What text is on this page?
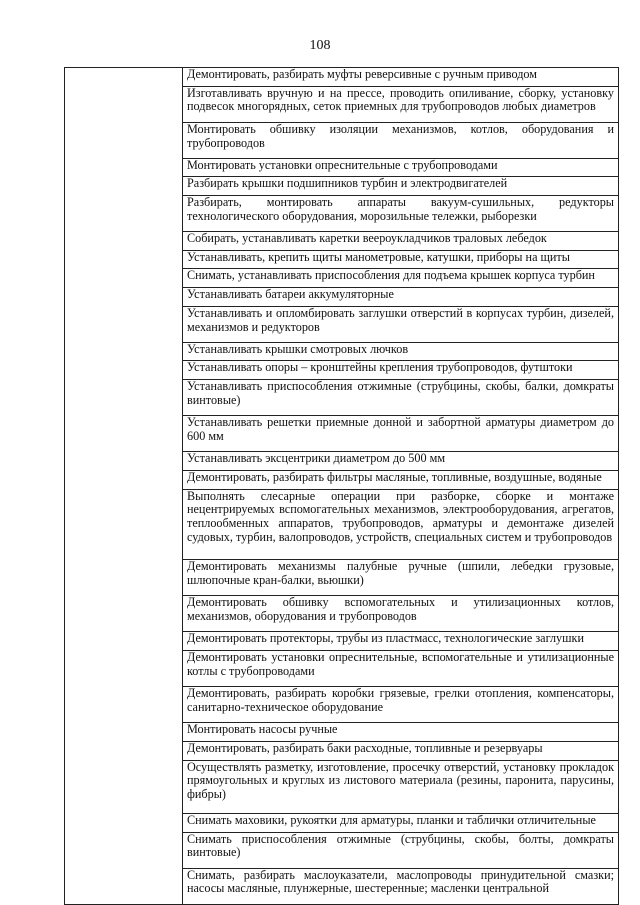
108
	Демонтировать, разбирать муфты реверсивные с ручным приводом
Изготавливать вручную и на прессе, проводить опиливание, сборку, установку подвесок многорядных, сеток приемных для трубопроводов любых диаметров
Монтировать обшивку изоляции механизмов, котлов, оборудования и трубопроводов
Монтировать установки опреснительные с трубопроводами
Разбирать крышки подшипников турбин и электродвигателей
Разбирать, монтировать аппараты вакуум-сушильных, редукторы технологического оборудования, морозильные тележки, рыборезки
Собирать, устанавливать каретки веероукладчиков траловых лебедок
Устанавливать, крепить щиты манометровые, катушки, приборы на щиты
Снимать, устанавливать приспособления для подъема крышек корпуса турбин
Устанавливать батареи аккумуляторные
Устанавливать и опломбировать заглушки отверстий в корпусах турбин, дизелей, механизмов и редукторов
Устанавливать крышки смотровых лючков
Устанавливать опоры – кронштейны крепления трубопроводов, футштоки
Устанавливать приспособления отжимные (струбцины, скобы, балки, домкраты винтовые)
Устанавливать решетки приемные донной и забортной арматуры диаметром до 600 мм
Устанавливать эксцентрики диаметром до 500 мм
Демонтировать, разбирать фильтры масляные, топливные, воздушные, водяные
Выполнять слесарные операции при разборке, сборке и монтаже нецентрируемых вспомогательных механизмов, электрооборудования, агрегатов, теплообменных аппаратов, трубопроводов, арматуры и демонтаже дизелей судовых, турбин, валопроводов, устройств, специальных систем и трубопроводов
Демонтировать механизмы палубные ручные (шпили, лебедки грузовые, шлюпочные кран-балки, вьюшки)
Демонтировать обшивку вспомогательных и утилизационных котлов, механизмов, оборудования и трубопроводов
Демонтировать протекторы, трубы из пластмасс, технологические заглушки
Демонтировать установки опреснительные, вспомогательные и утилизационные котлы с трубопроводами
Демонтировать, разбирать коробки грязевые, грелки отопления, компенсаторы, санитарно-техническое оборудование
Монтировать насосы ручные
Демонтировать, разбирать баки расходные, топливные и резервуары
Осуществлять разметку, изготовление, просечку отверстий, установку прокладок прямоугольных и круглых из листового материала (резины, паронита, парусины, фибры)
Снимать маховики, рукоятки для арматуры, планки и таблички отличительные
Снимать приспособления отжимные (струбцины, скобы, болты, домкраты винтовые)
Снимать, разбирать маслоуказатели, маслопроводы принудительной смазки; насосы масляные, плунжерные, шестеренные; масленки центральной
